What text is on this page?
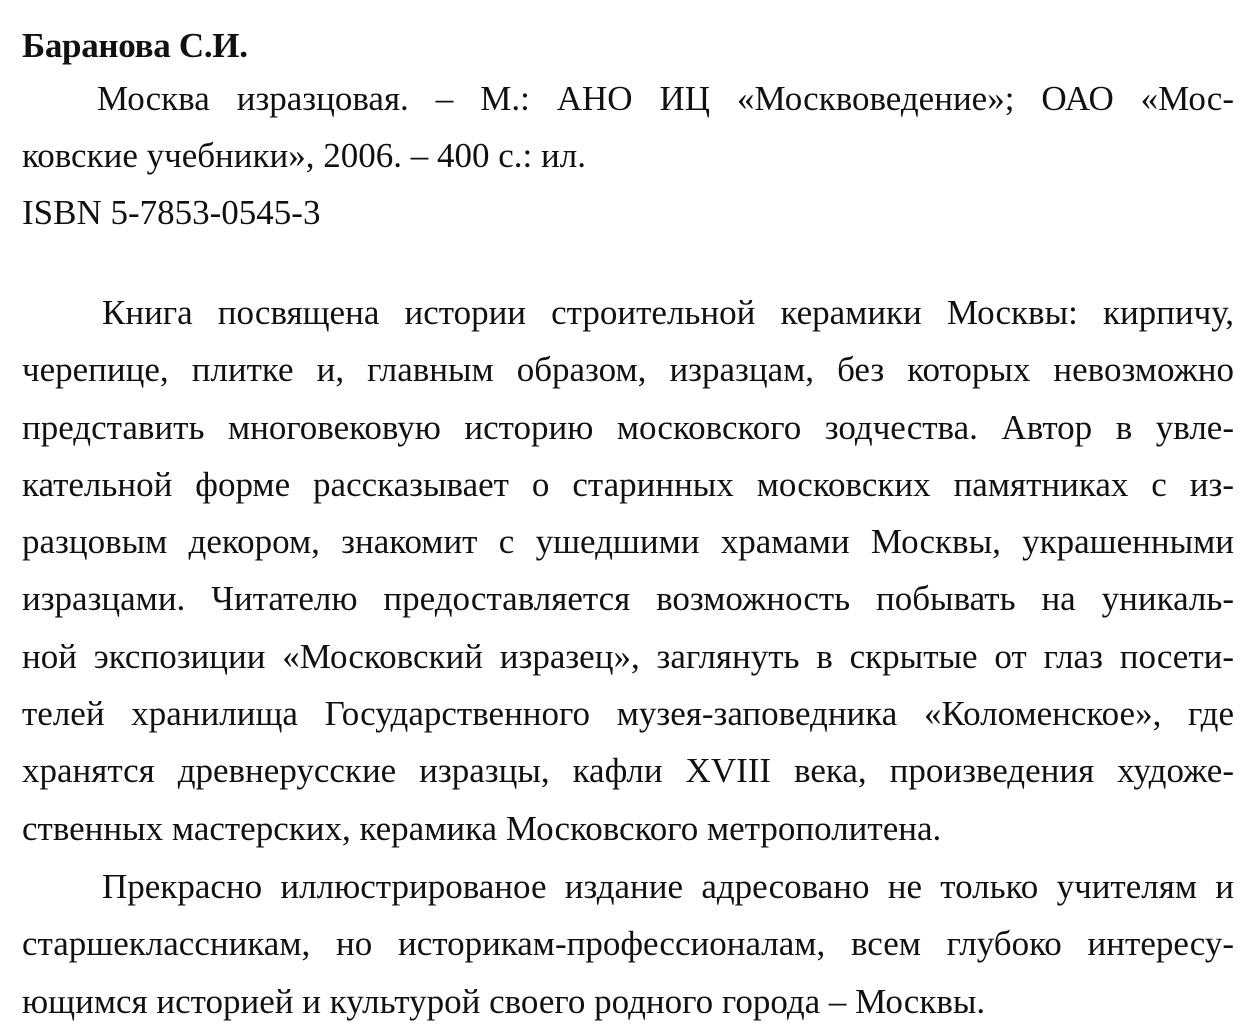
Баранова С.И.
Москва изразцовая. – М.: АНО ИЦ «Москвоведение»; ОАО «Мос-
ковские учебники», 2006. – 400 с.: ил.
ISBN 5-7853-0545-3
Книга посвящена истории строительной керамики Москвы: кирпичу,
черепице, плитке и, главным образом, изразцам, без которых невозможно
представить многовековую историю московского зодчества. Автор в увле-
кательной форме рассказывает о старинных московских памятниках с из-
разцовым декором, знакомит с ушедшими храмами Москвы, украшенными
изразцами. Читателю предоставляется возможность побывать на уникаль-
ной экспозиции «Московский изразец», заглянуть в скрытые от глаз посети-
телей хранилища Государственного музея-заповедника «Коломенское», где
хранятся древнерусские изразцы, кафли XVIII века, произведения художе-
ственных мастерских, керамика Московского метрополитена.
Прекрасно иллюстрированое издание адресовано не только учителям и
старшеклассникам, но историкам-профессионалам, всем глубоко интересу-
ющимся историей и культурой своего родного города – Москвы.
